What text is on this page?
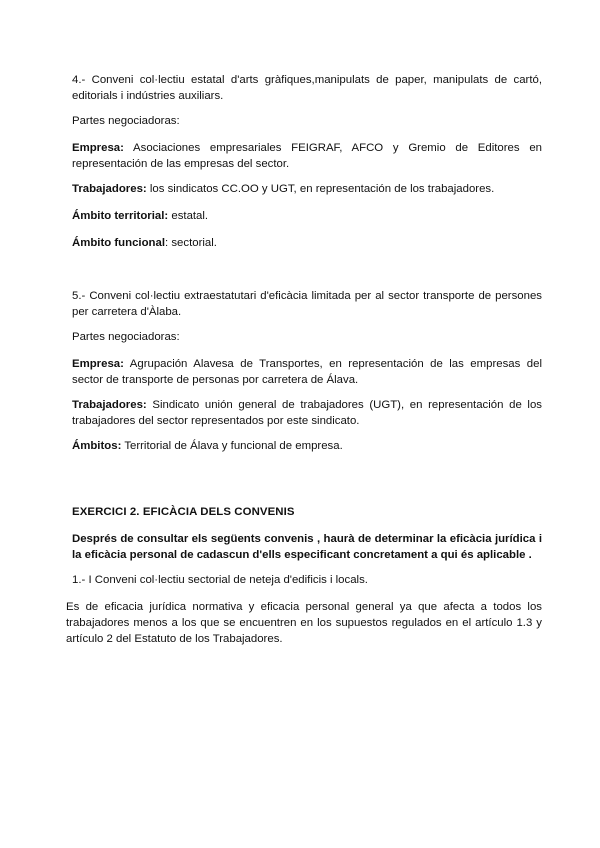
4.- Conveni col·lectiu estatal d'arts gràfiques,manipulats de paper, manipulats de cartó, editorials i indústries auxiliars.

Partes negociadoras:

Empresa: Asociaciones empresariales FEIGRAF, AFCO y Gremio de Editores en representación de las empresas del sector.

Trabajadores: los sindicatos CC.OO y UGT, en representación de los trabajadores.

Ámbito territorial: estatal.

Ámbito funcional: sectorial.

5.- Conveni col·lectiu extraestatutari d'eficàcia limitada per al sector transporte de persones per carretera d'Àlaba.

Partes negociadoras:

Empresa: Agrupación Alavesa de Transportes, en representación de las empresas del sector de transporte de personas por carretera de Álava.

Trabajadores: Sindicato unión general de trabajadores (UGT), en representación de los trabajadores del sector representados por este sindicato.

Ámbitos: Territorial de Álava y funcional de empresa.

EXERCICI 2. EFICÀCIA DELS CONVENIS

Després de consultar els següents convenis , haurà de determinar la eficàcia jurídica i la eficàcia personal de cadascun d'ells especificant concretament a qui és aplicable .

1.- I Conveni col·lectiu sectorial de neteja d'edificis i locals.

Es de eficacia jurídica normativa y eficacia personal general ya que afecta a todos los trabajadores menos a los que se encuentren en los supuestos regulados en el artículo 1.3 y artículo 2 del Estatuto de los Trabajadores.
